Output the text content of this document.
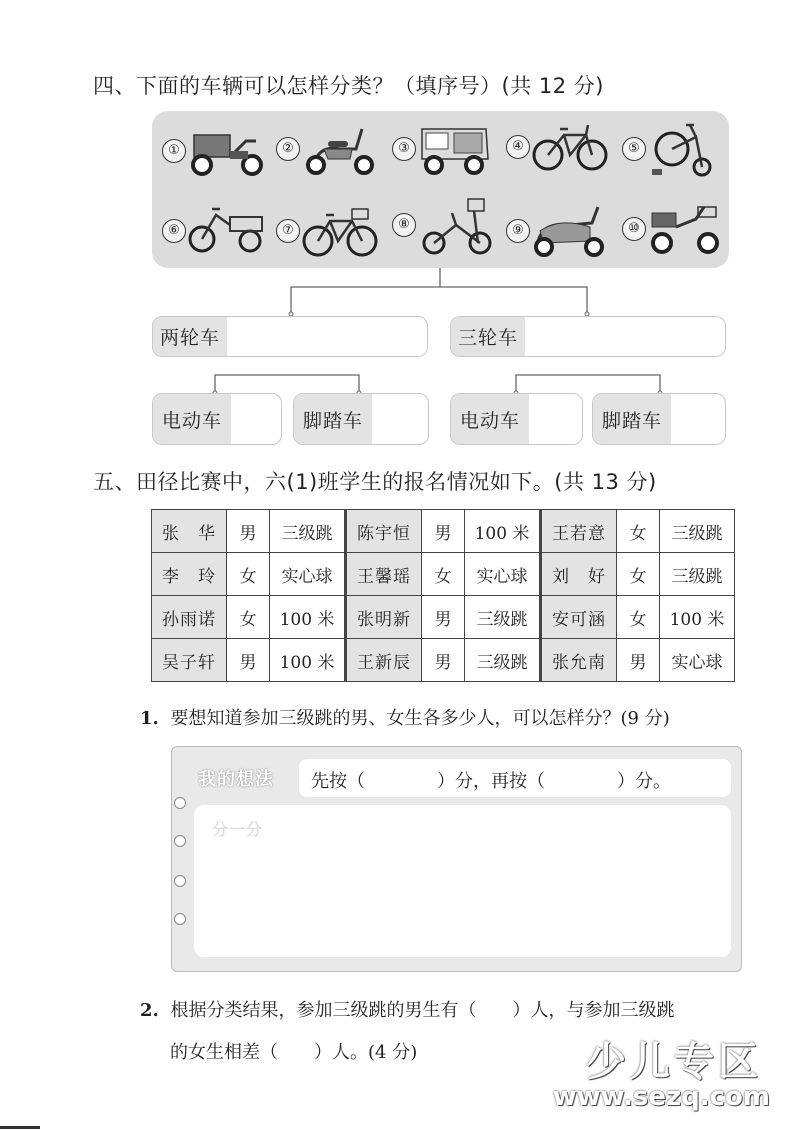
四、下面的车辆可以怎样分类？（填序号）(共 12 分)
①	②	③	④	⑤
⑥	⑦	⑧	⑨	⑩
两轮车	三轮车
电动车	脚踏车	电动车	脚踏车
五、田径比赛中，六(1)班学生的报名情况如下。(共 13 分)
张　华	男	三级跳	陈宇恒	男	100 米	王若意	女	三级跳
李　玲	女	实心球	王馨瑶	女	实心球	刘　好	女	三级跳
孙雨诺	女	100 米	张明新	男	三级跳	安可涵	女	100 米
吴子轩	男	100 米	王新辰	男	三级跳	张允南	男	实心球
1. 要想知道参加三级跳的男、女生各多少人，可以怎样分？(9 分)
我的想法 先按（　　　　）分，再按（　　　　）分。
分一分
2. 根据分类结果，参加三级跳的男生有（　　）人，与参加三级跳
的女生相差（　　）人。(4 分)	少儿专区
www.sezq.com
